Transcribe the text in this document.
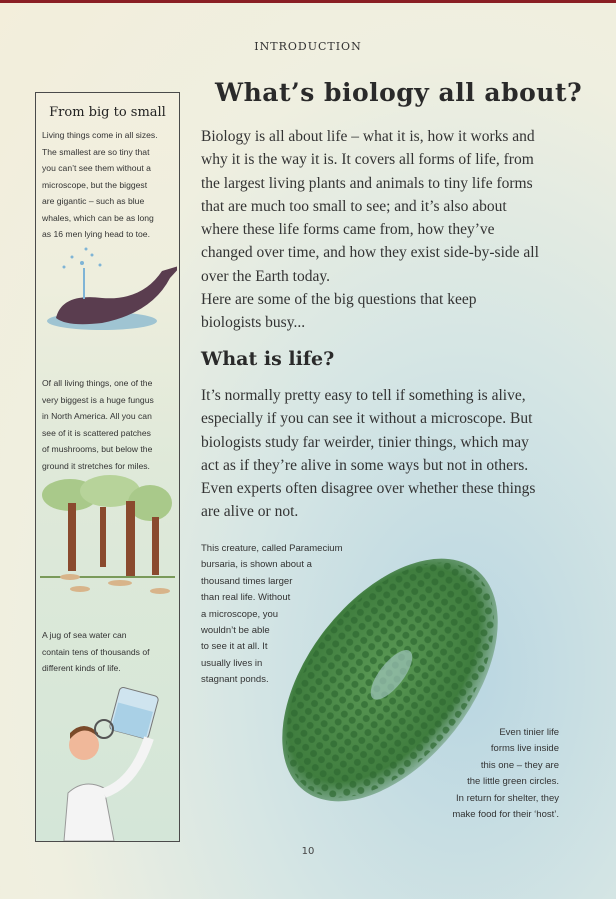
INTRODUCTION
From big to small
Living things come in all sizes.
The smallest are so tiny that
you can’t see them without a
microscope, but the biggest
are gigantic – such as blue
whales, which can be as long
as 16 men lying head to toe.
Of all living things, one of the
very biggest is a huge fungus
in North America. All you can
see of it is scattered patches
of mushrooms, but below the
ground it stretches for miles.
A jug of sea water can
contain tens of thousands of
different kinds of life.
What’s biology all about?
Biology is all about life – what it is, how it works and
why it is the way it is. It covers all forms of life, from
the largest living plants and animals to tiny life forms
that are much too small to see; and it’s also about
where these life forms came from, how they’ve
changed over time, and how they exist side-by-side all
over the Earth today.
Here are some of the big questions that keep
biologists busy...
What is life?
It’s normally pretty easy to tell if something is alive,
especially if you can see it without a microscope. But
biologists study far weirder, tinier things, which may
act as if they’re alive in some ways but not in others.
Even experts often disagree over whether these things
are alive or not.
This creature, called Paramecium
bursaria, is shown about a
thousand times larger
than real life. Without
a microscope, you
wouldn’t be able
to see it at all. It
usually lives in
stagnant ponds.
Even tinier life
forms live inside
this one – they are
the little green circles.
In return for shelter, they
make food for their ‘host’.
10
